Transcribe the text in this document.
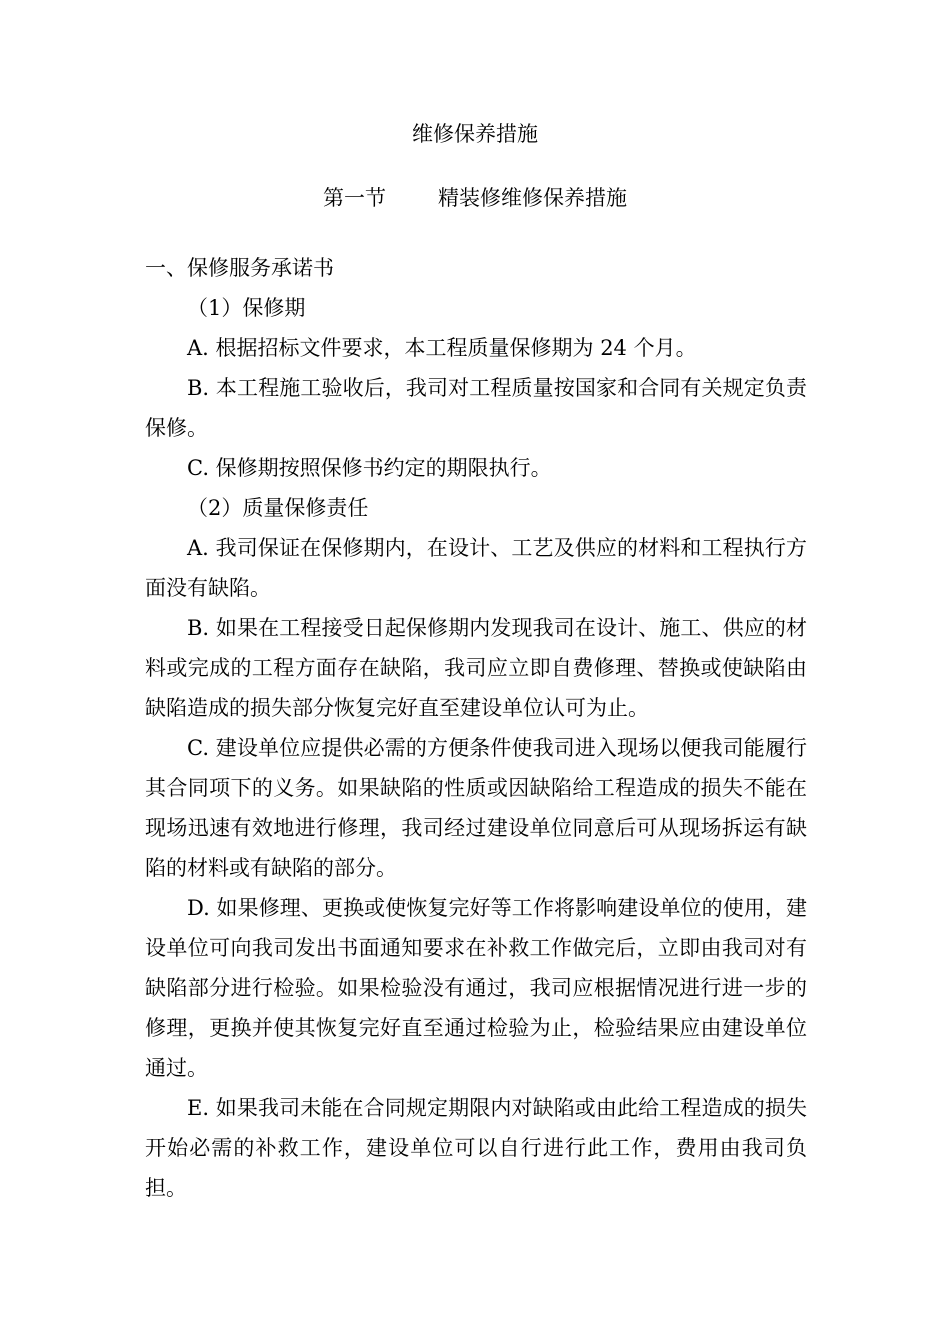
维修保养措施
第一节 精装修维修保养措施

一、保修服务承诺书

（1）保修期

A. 根据招标文件要求，本工程质量保修期为 24 个月。

B. 本工程施工验收后，我司对工程质量按国家和合同有关规定负责保修。

C. 保修期按照保修书约定的期限执行。

（2）质量保修责任

A. 我司保证在保修期内，在设计、工艺及供应的材料和工程执行方面没有缺陷。

B. 如果在工程接受日起保修期内发现我司在设计、施工、供应的材料或完成的工程方面存在缺陷，我司应立即自费修理、替换或使缺陷由缺陷造成的损失部分恢复完好直至建设单位认可为止。

C. 建设单位应提供必需的方便条件使我司进入现场以便我司能履行其合同项下的义务。如果缺陷的性质或因缺陷给工程造成的损失不能在现场迅速有效地进行修理，我司经过建设单位同意后可从现场拆运有缺陷的材料或有缺陷的部分。

D. 如果修理、更换或使恢复完好等工作将影响建设单位的使用，建设单位可向我司发出书面通知要求在补救工作做完后，立即由我司对有缺陷部分进行检验。如果检验没有通过，我司应根据情况进行进一步的修理，更换并使其恢复完好直至通过检验为止，检验结果应由建设单位通过。

E. 如果我司未能在合同规定期限内对缺陷或由此给工程造成的损失开始必需的补救工作，建设单位可以自行进行此工作，费用由我司负担。
